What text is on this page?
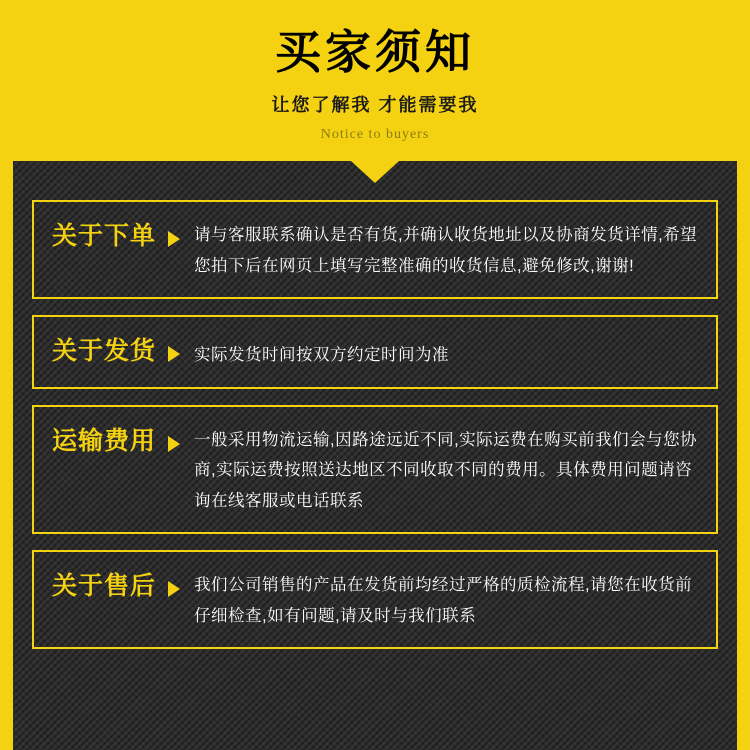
买家须知

让您了解我 才能需要我

Notice to buyers

关于下单 请与客服联系确认是否有货,并确认收货地址以及协商发货详情,希望您拍下后在网页上填写完整准确的收货信息,避免修改,谢谢!
关于发货 实际发货时间按双方约定时间为准
运输费用 一般采用物流运输,因路途远近不同,实际运费在购买前我们会与您协商,实际运费按照送达地区不同收取不同的费用。具体费用问题请咨询在线客服或电话联系
关于售后 我们公司销售的产品在发货前均经过严格的质检流程,请您在收货前仔细检查,如有问题,请及时与我们联系
